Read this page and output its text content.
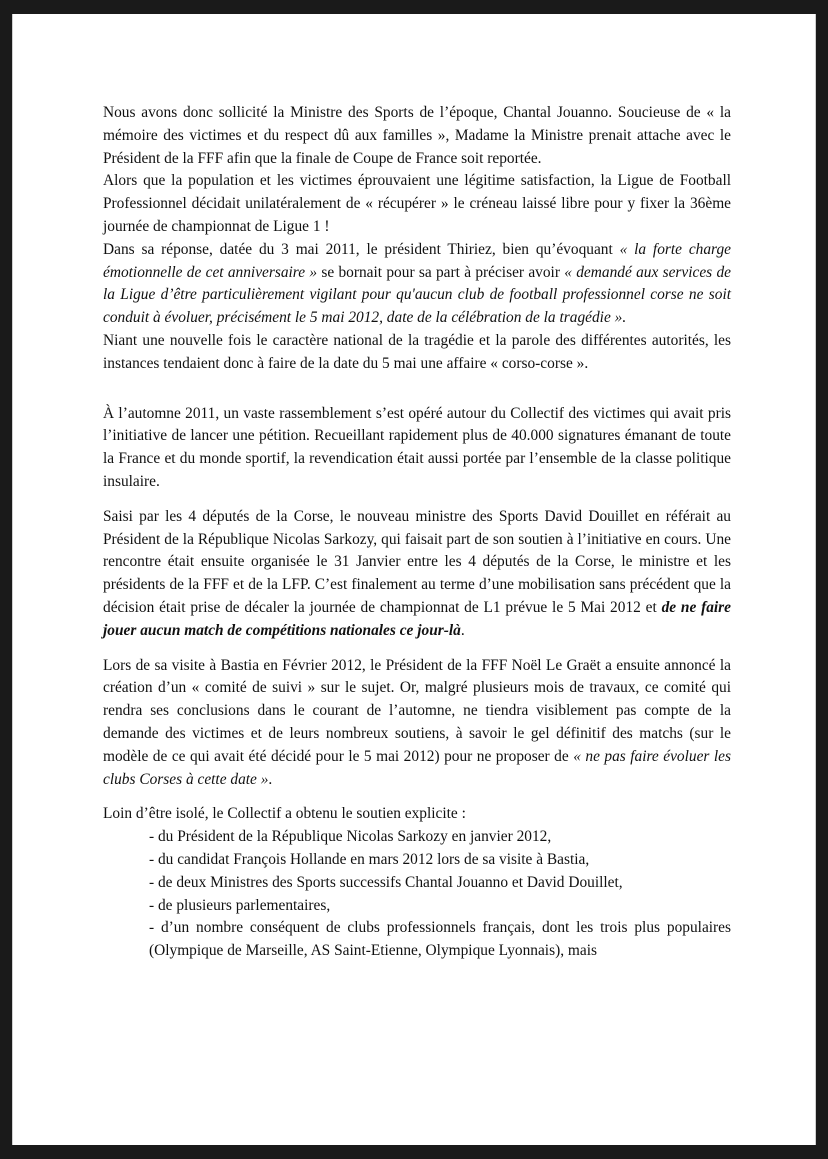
Nous avons donc sollicité la Ministre des Sports de l’époque, Chantal Jouanno. Soucieuse de « la mémoire des victimes et du respect dû aux familles », Madame la Ministre prenait attache avec le Président de la FFF afin que la finale de Coupe de France soit reportée.

Alors que la population et les victimes éprouvaient une légitime satisfaction, la Ligue de Football Professionnel décidait unilatéralement de « récupérer » le créneau laissé libre pour y fixer la 36ème journée de championnat de Ligue 1 !

Dans sa réponse, datée du 3 mai 2011, le président Thiriez, bien qu’évoquant « la forte charge émotionnelle de cet anniversaire » se bornait pour sa part à préciser avoir « demandé aux services de la Ligue d’être particulièrement vigilant pour qu'aucun club de football professionnel corse ne soit conduit à évoluer, précisément le 5 mai 2012, date de la célébration de la tragédie ».

Niant une nouvelle fois le caractère national de la tragédie et la parole des différentes autorités, les instances tendaient donc à faire de la date du 5 mai une affaire « corso-corse ».

À l’automne 2011, un vaste rassemblement s’est opéré autour du Collectif des victimes qui avait pris l’initiative de lancer une pétition. Recueillant rapidement plus de 40.000 signatures émanant de toute la France et du monde sportif, la revendication était aussi portée par l’ensemble de la classe politique insulaire.

Saisi par les 4 députés de la Corse, le nouveau ministre des Sports David Douillet en référait au Président de la République Nicolas Sarkozy, qui faisait part de son soutien à l’initiative en cours. Une rencontre était ensuite organisée le 31 Janvier entre les 4 députés de la Corse, le ministre et les présidents de la FFF et de la LFP. C’est finalement au terme d’une mobilisation sans précédent que la décision était prise de décaler la journée de championnat de L1 prévue le 5 Mai 2012 et de ne faire jouer aucun match de compétitions nationales ce jour-là.

Lors de sa visite à Bastia en Février 2012, le Président de la FFF Noël Le Graët a ensuite annoncé la création d’un « comité de suivi » sur le sujet. Or, malgré plusieurs mois de travaux, ce comité qui rendra ses conclusions dans le courant de l’automne, ne tiendra visiblement pas compte de la demande des victimes et de leurs nombreux soutiens, à savoir le gel définitif des matchs (sur le modèle de ce qui avait été décidé pour le 5 mai 2012) pour ne proposer de « ne pas faire évoluer les clubs Corses à cette date ».

Loin d’être isolé, le Collectif a obtenu le soutien explicite :

- du Président de la République Nicolas Sarkozy en janvier 2012,
- du candidat François Hollande en mars 2012 lors de sa visite à Bastia,
- de deux Ministres des Sports successifs Chantal Jouanno et David Douillet,
- de plusieurs parlementaires,
- d’un nombre conséquent de clubs professionnels français, dont les trois plus populaires (Olympique de Marseille, AS Saint-Etienne, Olympique Lyonnais), mais
